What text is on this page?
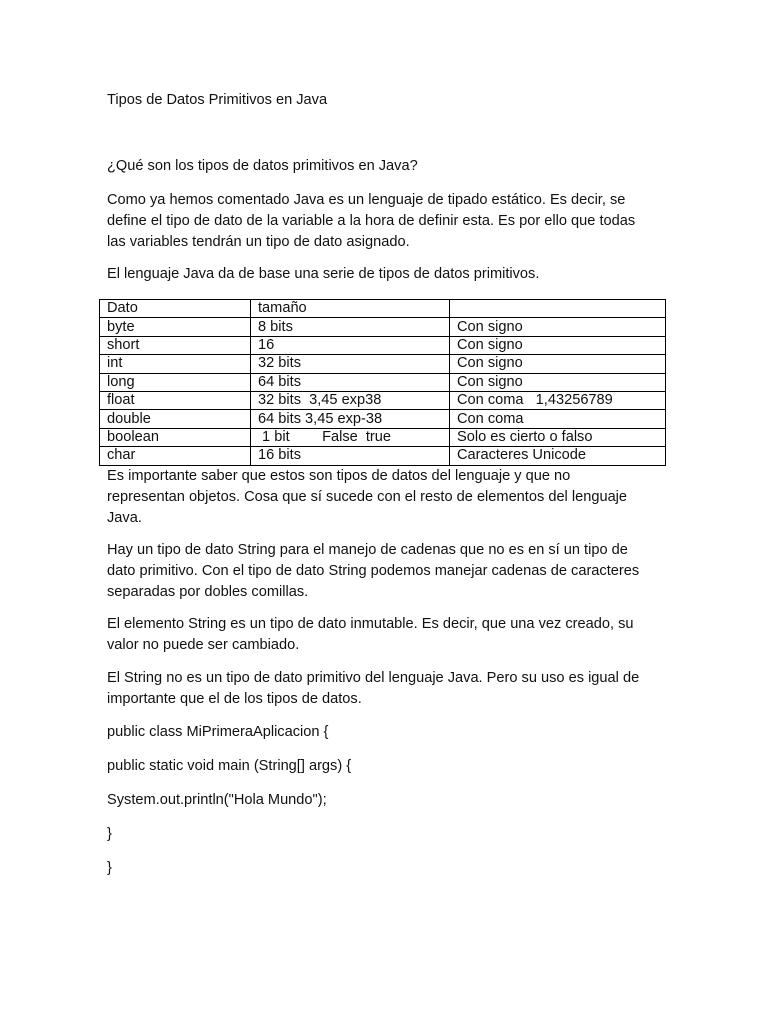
Tipos de Datos Primitivos en Java
¿Qué son los tipos de datos primitivos en Java?
Como ya hemos comentado Java es un lenguaje de tipado estático. Es decir, se
define el tipo de dato de la variable a la hora de definir esta. Es por ello que todas
las variables tendrán un tipo de dato asignado.
El lenguaje Java da de base una serie de tipos de datos primitivos.
Dato	tamaño	
byte	8 bits	Con signo
short	16	Con signo
int	32 bits	Con signo
long	64 bits	Con signo
float	32 bits  3,45 exp38	Con coma   1,43256789
double	64 bits 3,45 exp-38	Con coma
boolean	1 bit        False  true	Solo es cierto o falso
char	16 bits	Caracteres Unicode
Es importante saber que estos son tipos de datos del lenguaje y que no
representan objetos. Cosa que sí sucede con el resto de elementos del lenguaje
Java.
Hay un tipo de dato String para el manejo de cadenas que no es en sí un tipo de
dato primitivo. Con el tipo de dato String podemos manejar cadenas de caracteres
separadas por dobles comillas.
El elemento String es un tipo de dato inmutable. Es decir, que una vez creado, su
valor no puede ser cambiado.
El String no es un tipo de dato primitivo del lenguaje Java. Pero su uso es igual de
importante que el de los tipos de datos.
public class MiPrimeraAplicacion {
public static void main (String[] args) {
System.out.println("Hola Mundo");
}
}
